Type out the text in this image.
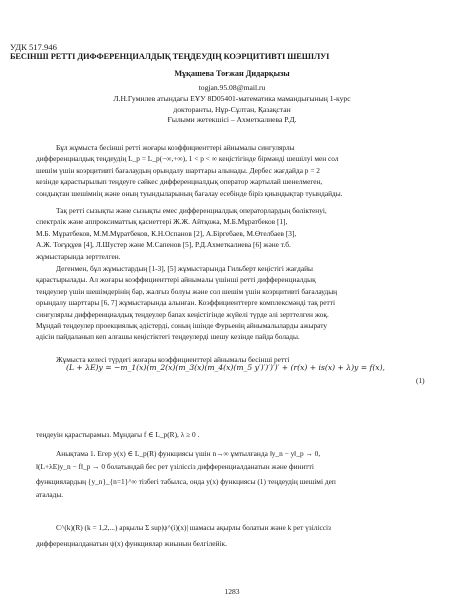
УДК 517.946
БЕСІНШІ РЕТТІ ДИФФЕРЕНЦИАЛДЫҚ ТЕҢДЕУДІҢ КОЭРЦИТИВТІ ШЕШІЛУІ
Мұқашева Тоғжан Дидарқызы
togjan.95.08@mail.ru
Л.Н.Гумилев атындағы ЕҰУ 8D05401-математика мамандығының 1-курс
докторанты, Нұр-Сұлтан, Қазақстан
Ғылыми жетекшісі – Ахметкалиева Р.Д.
Бұл жұмыста бесінші ретті жоғары коэффициенттері айнымалы сингулярлы
дифференциалдық теңдеудің L_p = L_p(−∞,+∞), 1 < p < ∞ кеңістігінде бірмәнді шешілуі мен сол
шешім үшін коэрцитивті бағалаудың орындалу шарттары алынады. Дербес жағдайда p = 2
кезінде қарастырылып теңдеуге сәйкес дифференциалдық оператор жартылай шенелмеген,
сондықтан шешімнің және оның туындыларының бағалау есебінде біріз қиындықтар туындайды.
Тақ ретті сызықты және сызықты емес дифференциалдық операторлардың бөліктенуі,
спектрлік және аппроксиматтық қасиеттері Ж.Ж. Айтқожа, М.Б.Мұратбеков [1],
М.Б. Мұратбеков, М.М.Мұратбеков, К.Н.Оспанов [2], А.Біргебаев, М.Өтелбаев [3],
А.Ж. Тоғұқұев [4], Л.Шустер және М.Сапенов [5], Р.Д.Ахметкалиева [6] және т.б.
жұмыстарында зерттелген.
Дегенмен, бұл жұмыстардың [1-3], [5] жұмыстарында Гильберт кеңістігі жағдайы
қарастырылады. Ал жоғары коэффициенттері айнымалы үшінші ретті дифференциалдық
теңдеулер үшін шешімдерінің бар, жалғыз болуы және сол шешім үшін коэрцитивті бағалаудың
орындалу шарттары [6, 7] жұмыстарында алынған. Коэффициенттерге комплексмәнді тақ ретті
сингулярлы дифференциалдық теңдеулер бапах кеңістігінде жүйелі түрде әлі зерттелген жоқ.
Мұндай теңдеулер проекциялық әдістерді, соның ішінде Фурьенің айнымалыларды ажырату
әдісін пайдаланып кеп алғашы кеңістіктегі теңдеулерді шешу кезінде пайда болады.
Жұмыста келесі түрдегі жоғары коэффициенттері айнымалы бесінші ретті
(L + λE)y = −m_1(x)(m_2(x)(m_3(x)(m_4(x)(m_5 y′)′)′)′)′ + (r(x) + is(x) + λ)y = f(x),
(1)
теңдеуін қарастырамыз. Мұндағы f ∈ L_p(R), λ ≥ 0 .
Анықтама 1. Егер y(x) ∈ L_p(R) функциясы үшін n→∞ ұмтылғанда ‖y_n − y‖_p → 0,
‖(L+λE)y_n − f‖_p → 0 болатындай бес рет үзіліссіз дифференциалданатын және финитті
функциялардың {y_n}_{n=1}^∞ тізбегі табылса, онда y(x) функциясы (1) теңдеудің шешімі деп
аталады.
C^(k)(R) (k = 1,2,...) арқылы Σ sup|ψ^(i)(x)| шамасы ақырлы болатын және k рет үзіліссіз
дифференциалданатын ψ(x) функциялар жиынын белгілейік.
1283
